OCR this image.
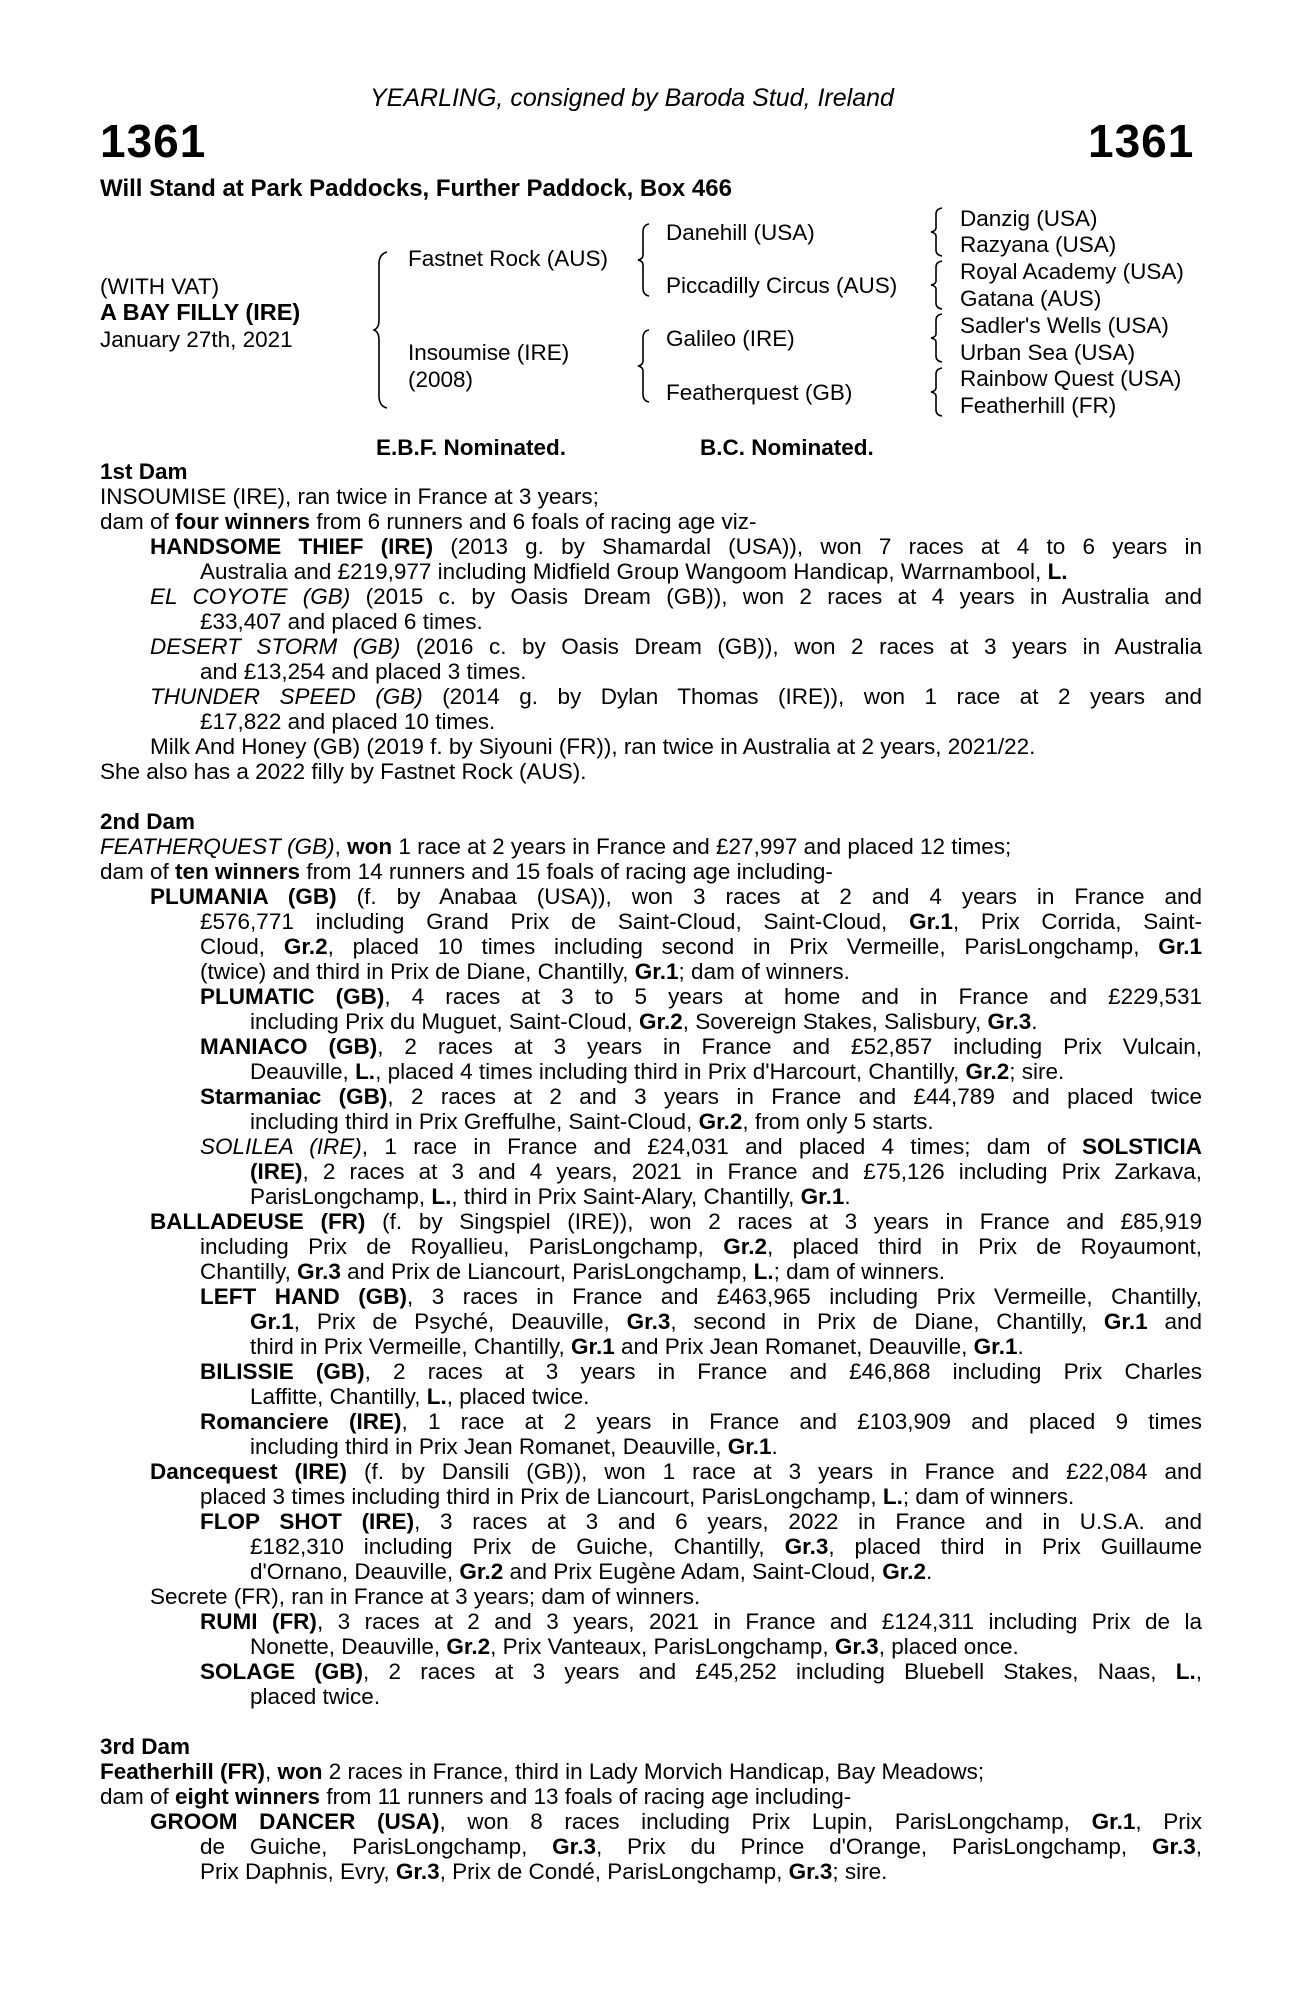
YEARLING, consigned by Baroda Stud, Ireland
1361	1361
Will Stand at Park Paddocks, Further Paddock, Box 466
(WITH VAT)
A BAY FILLY (IRE)
January 27th, 2021
Fastnet Rock (AUS)
Insoumise (IRE)
(2008)
Danehill (USA)
Piccadilly Circus (AUS)
Galileo (IRE)
Featherquest (GB)
Danzig (USA)
Razyana (USA)
Royal Academy (USA)
Gatana (AUS)
Sadler's Wells (USA)
Urban Sea (USA)
Rainbow Quest (USA)
Featherhill (FR)
E.B.F. Nominated.	B.C. Nominated.
1st Dam
INSOUMISE (IRE), ran twice in France at 3 years;
dam of four winners from 6 runners and 6 foals of racing age viz-
HANDSOME THIEF (IRE) (2013 g. by Shamardal (USA)), won 7 races at 4 to 6 years in
Australia and £219,977 including Midfield Group Wangoom Handicap, Warrnambool, L.
EL COYOTE (GB) (2015 c. by Oasis Dream (GB)), won 2 races at 4 years in Australia and
£33,407 and placed 6 times.
DESERT STORM (GB) (2016 c. by Oasis Dream (GB)), won 2 races at 3 years in Australia
and £13,254 and placed 3 times.
THUNDER SPEED (GB) (2014 g. by Dylan Thomas (IRE)), won 1 race at 2 years and
£17,822 and placed 10 times.
Milk And Honey (GB) (2019 f. by Siyouni (FR)), ran twice in Australia at 2 years, 2021/22.
She also has a 2022 filly by Fastnet Rock (AUS).
2nd Dam
FEATHERQUEST (GB), won 1 race at 2 years in France and £27,997 and placed 12 times;
dam of ten winners from 14 runners and 15 foals of racing age including-
PLUMANIA (GB) (f. by Anabaa (USA)), won 3 races at 2 and 4 years in France and
£576,771 including Grand Prix de Saint-Cloud, Saint-Cloud, Gr.1, Prix Corrida, Saint-
Cloud, Gr.2, placed 10 times including second in Prix Vermeille, ParisLongchamp, Gr.1
(twice) and third in Prix de Diane, Chantilly, Gr.1; dam of winners.
PLUMATIC (GB), 4 races at 3 to 5 years at home and in France and £229,531
including Prix du Muguet, Saint-Cloud, Gr.2, Sovereign Stakes, Salisbury, Gr.3.
MANIACO (GB), 2 races at 3 years in France and £52,857 including Prix Vulcain,
Deauville, L., placed 4 times including third in Prix d'Harcourt, Chantilly, Gr.2; sire.
Starmaniac (GB), 2 races at 2 and 3 years in France and £44,789 and placed twice
including third in Prix Greffulhe, Saint-Cloud, Gr.2, from only 5 starts.
SOLILEA (IRE), 1 race in France and £24,031 and placed 4 times; dam of SOLSTICIA
(IRE), 2 races at 3 and 4 years, 2021 in France and £75,126 including Prix Zarkava,
ParisLongchamp, L., third in Prix Saint-Alary, Chantilly, Gr.1.
BALLADEUSE (FR) (f. by Singspiel (IRE)), won 2 races at 3 years in France and £85,919
including Prix de Royallieu, ParisLongchamp, Gr.2, placed third in Prix de Royaumont,
Chantilly, Gr.3 and Prix de Liancourt, ParisLongchamp, L.; dam of winners.
LEFT HAND (GB), 3 races in France and £463,965 including Prix Vermeille, Chantilly,
Gr.1, Prix de Psyché, Deauville, Gr.3, second in Prix de Diane, Chantilly, Gr.1 and
third in Prix Vermeille, Chantilly, Gr.1 and Prix Jean Romanet, Deauville, Gr.1.
BILISSIE (GB), 2 races at 3 years in France and £46,868 including Prix Charles
Laffitte, Chantilly, L., placed twice.
Romanciere (IRE), 1 race at 2 years in France and £103,909 and placed 9 times
including third in Prix Jean Romanet, Deauville, Gr.1.
Dancequest (IRE) (f. by Dansili (GB)), won 1 race at 3 years in France and £22,084 and
placed 3 times including third in Prix de Liancourt, ParisLongchamp, L.; dam of winners.
FLOP SHOT (IRE), 3 races at 3 and 6 years, 2022 in France and in U.S.A. and
£182,310 including Prix de Guiche, Chantilly, Gr.3, placed third in Prix Guillaume
d'Ornano, Deauville, Gr.2 and Prix Eugène Adam, Saint-Cloud, Gr.2.
Secrete (FR), ran in France at 3 years; dam of winners.
RUMI (FR), 3 races at 2 and 3 years, 2021 in France and £124,311 including Prix de la
Nonette, Deauville, Gr.2, Prix Vanteaux, ParisLongchamp, Gr.3, placed once.
SOLAGE (GB), 2 races at 3 years and £45,252 including Bluebell Stakes, Naas, L.,
placed twice.
3rd Dam
Featherhill (FR), won 2 races in France, third in Lady Morvich Handicap, Bay Meadows;
dam of eight winners from 11 runners and 13 foals of racing age including-
GROOM DANCER (USA), won 8 races including Prix Lupin, ParisLongchamp, Gr.1, Prix
de Guiche, ParisLongchamp, Gr.3, Prix du Prince d'Orange, ParisLongchamp, Gr.3,
Prix Daphnis, Evry, Gr.3, Prix de Condé, ParisLongchamp, Gr.3; sire.
